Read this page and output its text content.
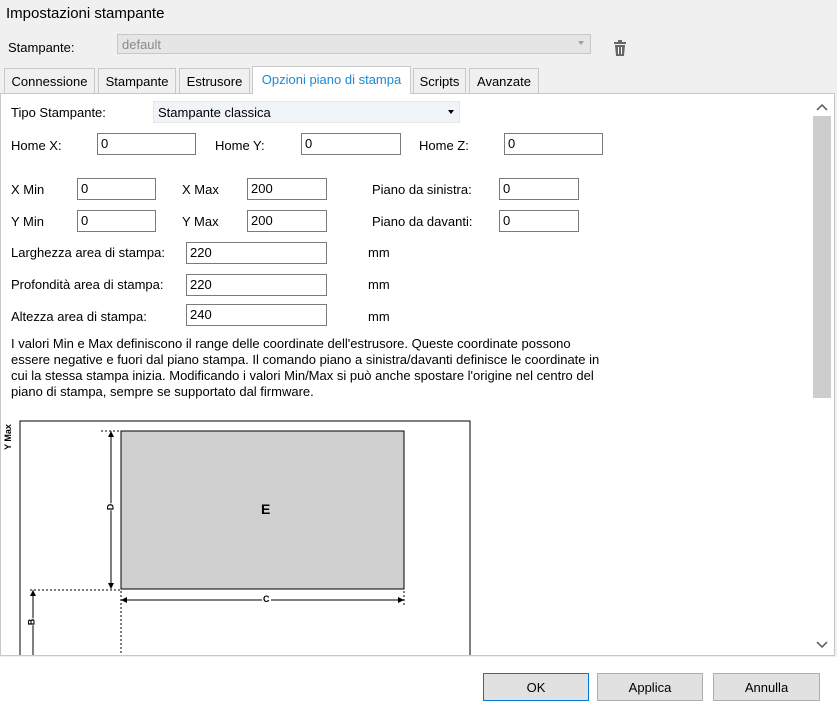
Impostazioni stampante
Stampante:	default
Connessione	Stampante	Estrusore	Opzioni piano di stampa	Scripts	Avanzate
Tipo Stampante:	Stampante classica
Home X:	0	Home Y:	0	Home Z:	0
X Min	0	X Max	200	Piano da sinistra:	0
Y Min	0	Y Max	200	Piano da davanti:	0
Larghezza area di stampa:	220	mm
Profondità area di stampa:	220	mm
Altezza area di stampa:	240	mm
I valori Min e Max definiscono il range delle coordinate dell'estrusore. Queste coordinate possono essere negative e fuori dal piano stampa. Il comando piano a sinistra/davanti definisce le coordinate in cui la stessa stampa inizia. Modificando i valori Min/Max si può anche spostare l'origine nel centro del piano di stampa, sempre se supportato dal firmware.
E
D
C
B
Y Max
OK	Applica	Annulla
